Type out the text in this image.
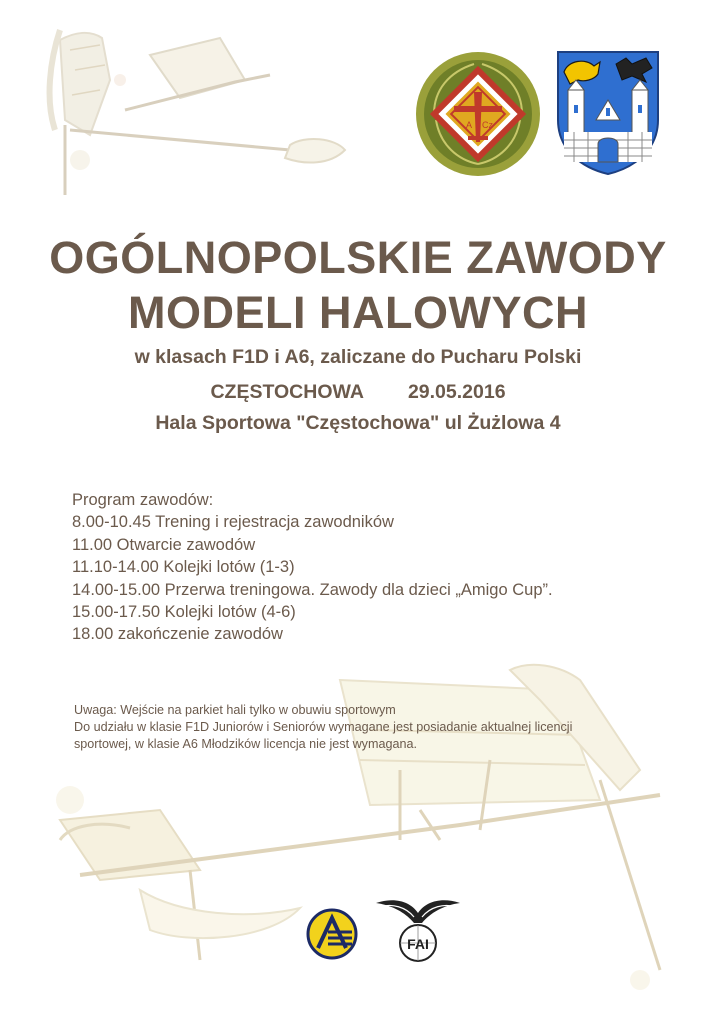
A Cz
OGÓLNOPOLSKIE ZAWODY
MODELI HALOWYCH
w klasach F1D i A6, zaliczane do Pucharu Polski
CZĘSTOCHOWA 29.05.2016
Hala Sportowa "Częstochowa" ul Żużlowa 4
Program zawodów:
8.00-10.45 Trening i rejestracja zawodników
11.00 Otwarcie zawodów
11.10-14.00 Kolejki lotów (1-3)
14.00-15.00 Przerwa treningowa. Zawody dla dzieci „Amigo Cup”.
15.00-17.50 Kolejki lotów (4-6)
18.00 zakończenie zawodów
Uwaga: Wejście na parkiet hali tylko w obuwiu sportowym
Do udziału w klasie F1D Juniorów i Seniorów wymagane jest posiadanie aktualnej licencji
sportowej, w klasie A6 Młodzików licencja nie jest wymagana.
FAI
